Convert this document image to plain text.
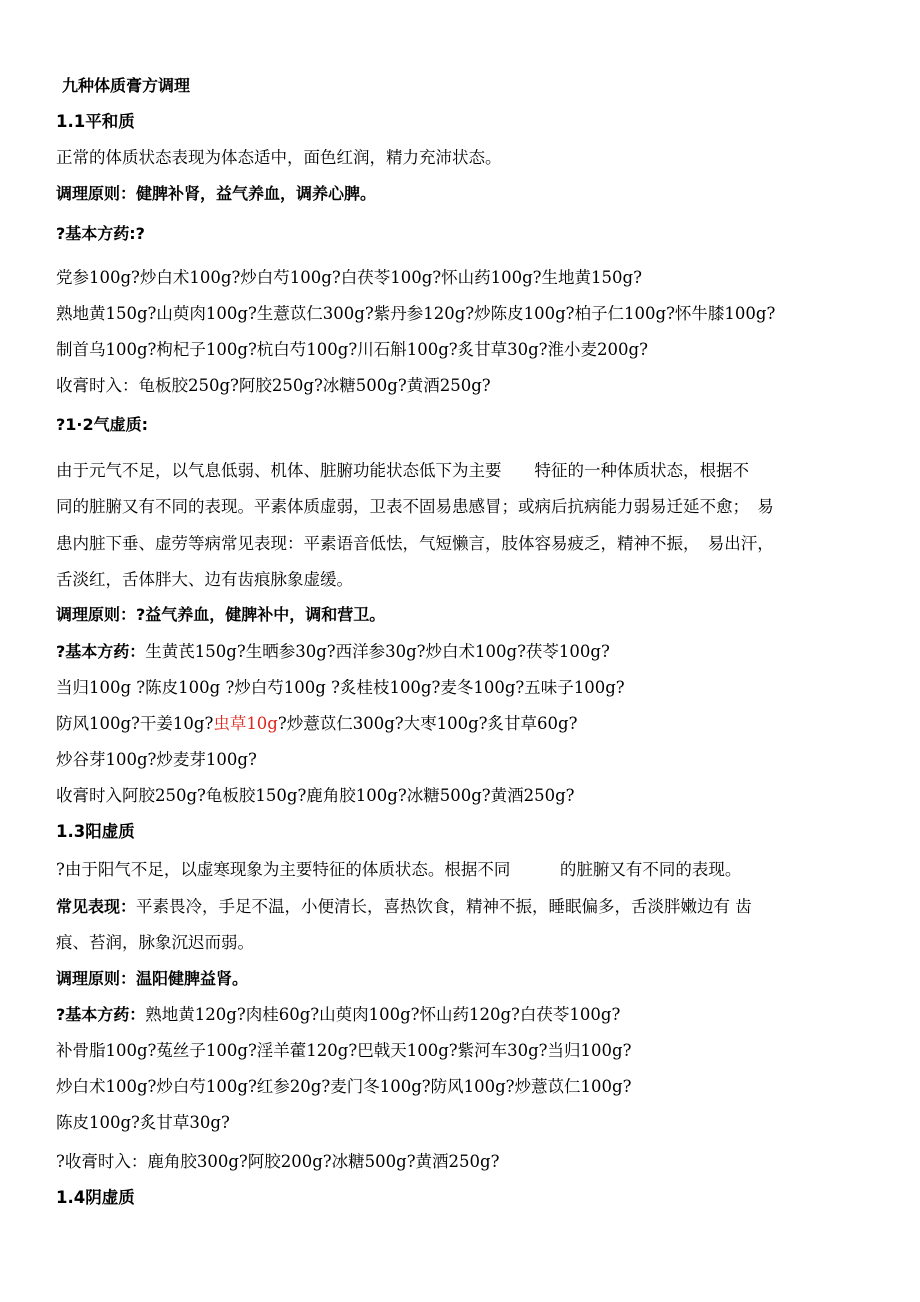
九种体质膏方调理
1.1平和质
正常的体质状态表现为体态适中，面色红润，精力充沛状态。
调理原则：健脾补肾，益气养血，调养心脾。
?基本方药:?
党参100g?炒白术100g?炒白芍100g?白茯苓100g?怀山药100g?生地黄150g?
熟地黄150g?山萸肉100g?生薏苡仁300g?紫丹参120g?炒陈皮100g?柏子仁100g?怀牛膝100g?
制首乌100g?枸杞子100g?杭白芍100g?川石斛100g?炙甘草30g?淮小麦200g?
收膏时入：龟板胶250g?阿胶250g?冰糖500g?黄酒250g?
?1·2气虚质:
由于元气不足，以气息低弱、机体、脏腑功能状态低下为主要　　特征的一种体质状态，根据不
同的脏腑又有不同的表现。平素体质虚弱，卫表不固易患感冒；或病后抗病能力弱易迁延不愈；　易
患内脏下垂、虚劳等病常见表现：平素语音低怯，气短懒言，肢体容易疲乏，精神不振，　易出汗，
舌淡红，舌体胖大、边有齿痕脉象虚缓。
调理原则：?益气养血，健脾补中，调和营卫。
?基本方药：生黄芪150g?生晒参30g?西洋参30g?炒白术100g?茯苓100g?
当归100g ?陈皮100g ?炒白芍100g ?炙桂枝100g?麦冬100g?五味子100g?
防风100g?干姜10g?虫草10g?炒薏苡仁300g?大枣100g?炙甘草60g?
炒谷芽100g?炒麦芽100g?
收膏时入阿胶250g?龟板胶150g?鹿角胶100g?冰糖500g?黄酒250g?
1.3阳虚质
?由于阳气不足，以虚寒现象为主要特征的体质状态。根据不同　　　的脏腑又有不同的表现。
常见表现：平素畏冷，手足不温，小便清长，喜热饮食，精神不振，睡眠偏多，舌淡胖嫩边有 齿
痕、苔润，脉象沉迟而弱。
调理原则：温阳健脾益肾。
?基本方药：熟地黄120g?肉桂60g?山萸肉100g?怀山药120g?白茯苓100g?
补骨脂100g?菟丝子100g?淫羊藿120g?巴戟天100g?紫河车30g?当归100g?
炒白术100g?炒白芍100g?红参20g?麦门冬100g?防风100g?炒薏苡仁100g?
陈皮100g?炙甘草30g?
?收膏时入：鹿角胶300g?阿胶200g?冰糖500g?黄酒250g?
1.4阴虚质
